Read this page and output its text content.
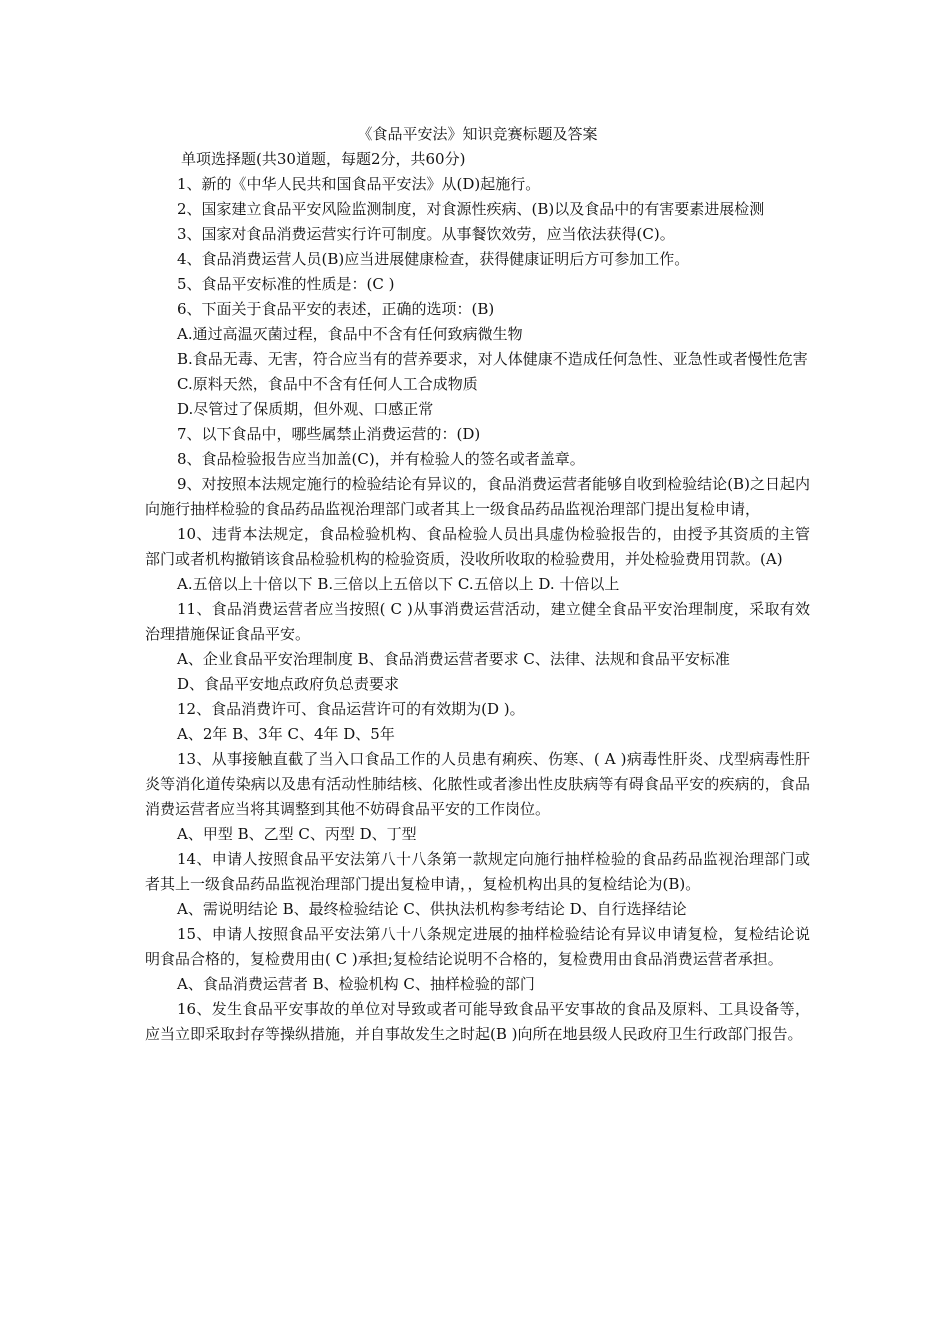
《食品平安法》知识竞赛标题及答案

单项选择题(共30道题，每题2分，共60分)

1、新的《中华人民共和国食品平安法》从(D)起施行。

2、国家建立食品平安风险监测制度，对食源性疾病、(B)以及食品中的有害要素进展检测

3、国家对食品消费运营实行许可制度。从事餐饮效劳，应当依法获得(C)。

4、食品消费运营人员(B)应当进展健康检查，获得健康证明后方可参加工作。

5、食品平安标准的性质是：(C )

6、下面关于食品平安的表述，正确的选项：(B)

A.通过高温灭菌过程，食品中不含有任何致病微生物

B.食品无毒、无害，符合应当有的营养要求，对人体健康不造成任何急性、亚急性或者慢性危害

C.原料天然，食品中不含有任何人工合成物质

D.尽管过了保质期，但外观、口感正常

7、以下食品中，哪些属禁止消费运营的：(D)

8、食品检验报告应当加盖(C)，并有检验人的签名或者盖章。

9、对按照本法规定施行的检验结论有异议的，食品消费运营者能够自收到检验结论(B)之日起内向施行抽样检验的食品药品监视治理部门或者其上一级食品药品监视治理部门提出复检申请，

10、违背本法规定，食品检验机构、食品检验人员出具虚伪检验报告的，由授予其资质的主管部门或者机构撤销该食品检验机构的检验资质，没收所收取的检验费用，并处检验费用罚款。(A)

A.五倍以上十倍以下 B.三倍以上五倍以下 C.五倍以上 D. 十倍以上

11、食品消费运营者应当按照( C )从事消费运营活动，建立健全食品平安治理制度，采取有效治理措施保证食品平安。

A、企业食品平安治理制度 B、食品消费运营者要求 C、法律、法规和食品平安标准

D、食品平安地点政府负总责要求

12、食品消费许可、食品运营许可的有效期为(D )。

A、2年 B、3年 C、4年 D、5年

13、从事接触直截了当入口食品工作的人员患有痢疾、伤寒、( A )病毒性肝炎、戊型病毒性肝炎等消化道传染病以及患有活动性肺结核、化脓性或者渗出性皮肤病等有碍食品平安的疾病的，食品消费运营者应当将其调整到其他不妨碍食品平安的工作岗位。

A、甲型 B、乙型 C、丙型 D、丁型

14、申请人按照食品平安法第八十八条第一款规定向施行抽样检验的食品药品监视治理部门或者其上一级食品药品监视治理部门提出复检申请，，复检机构出具的复检结论为(B)。

A、需说明结论 B、最终检验结论 C、供执法机构参考结论 D、自行选择结论

15、申请人按照食品平安法第八十八条规定进展的抽样检验结论有异议申请复检，复检结论说明食品合格的，复检费用由( C )承担;复检结论说明不合格的，复检费用由食品消费运营者承担。

A、食品消费运营者 B、检验机构 C、抽样检验的部门

16、发生食品平安事故的单位对导致或者可能导致食品平安事故的食品及原料、工具设备等，应当立即采取封存等操纵措施，并自事故发生之时起(B )向所在地县级人民政府卫生行政部门报告。
